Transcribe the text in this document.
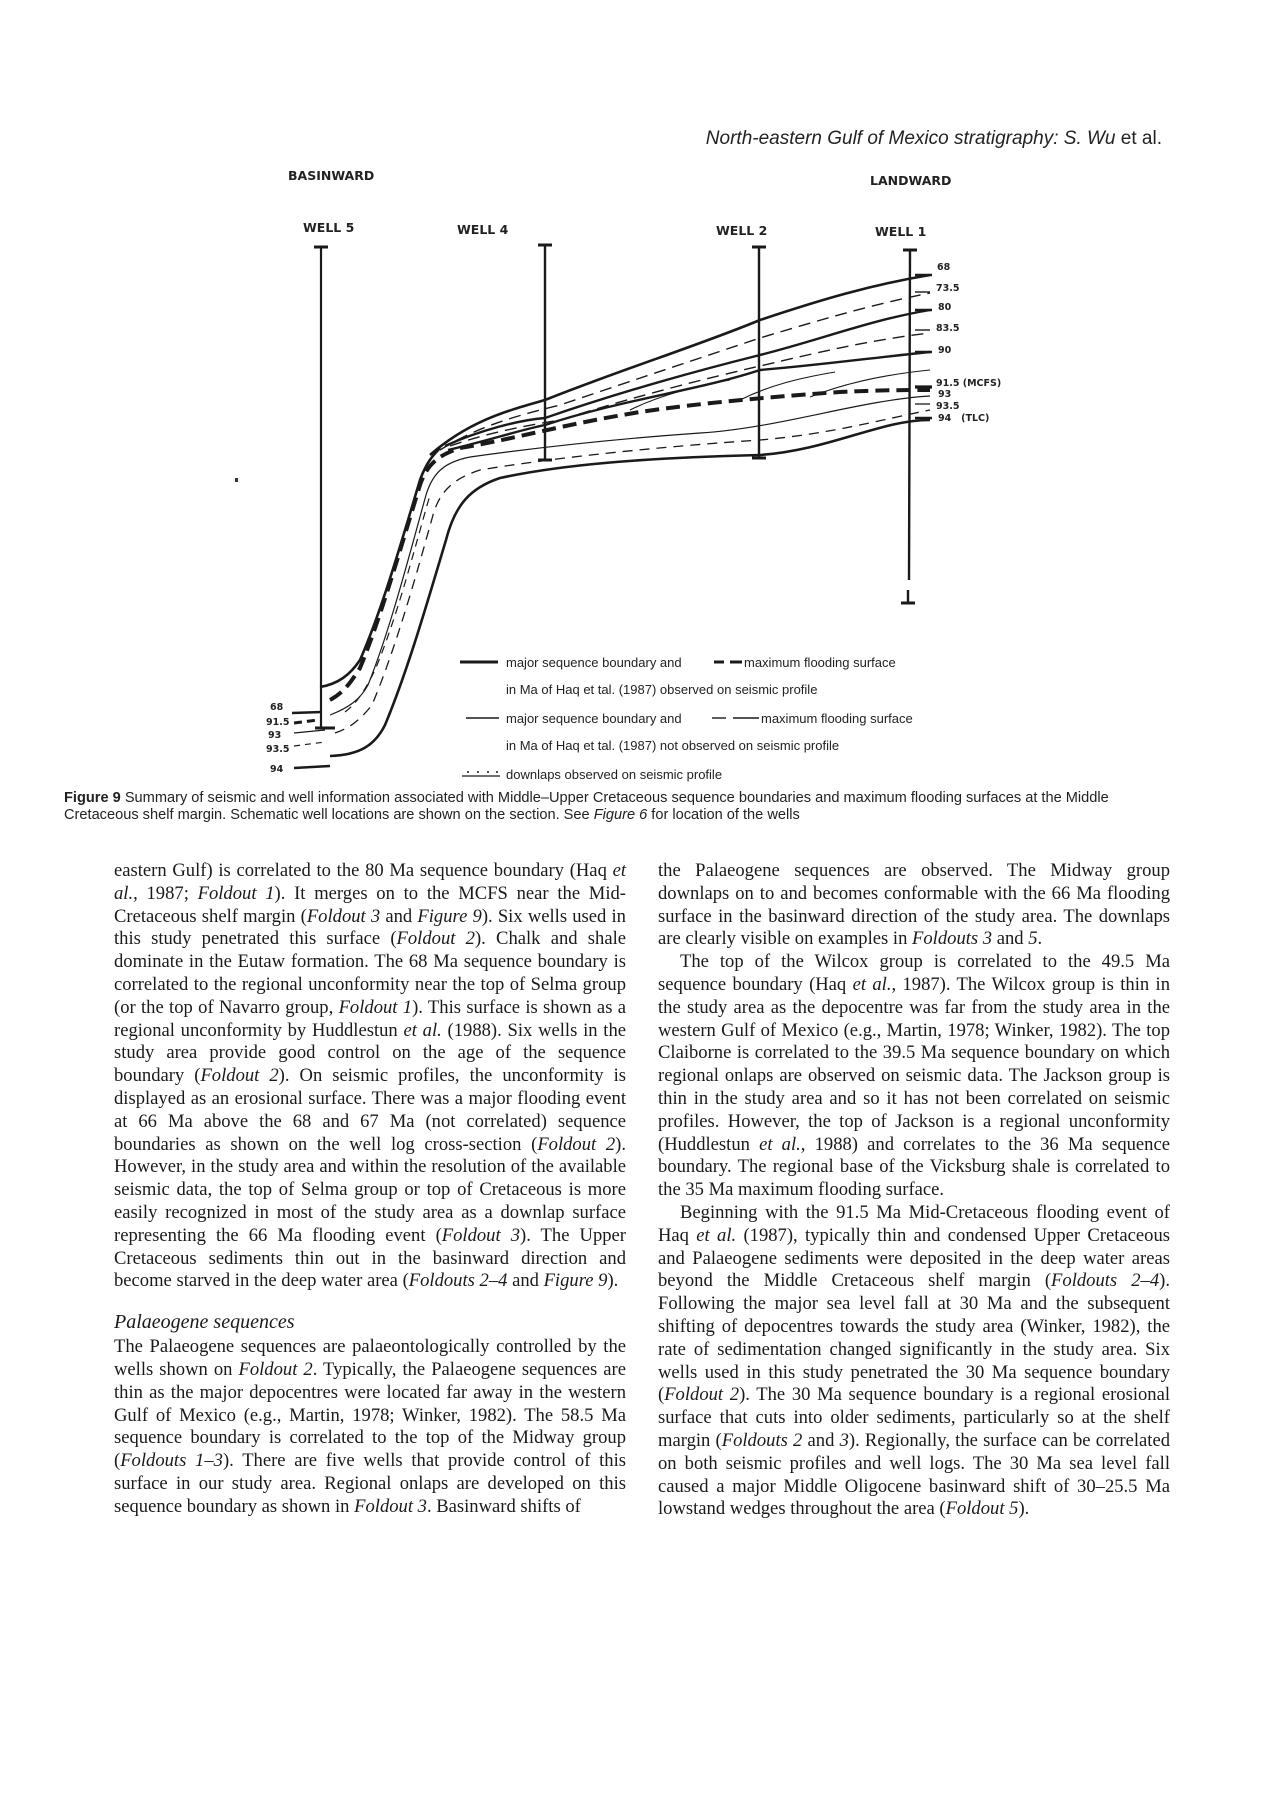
North-eastern Gulf of Mexico stratigraphy: S. Wu et al.
BASINWARD	LANDWARD
WELL 5	WELL 4	WELL 2	WELL 1
68
73.5
80
83.5
90
91.5 (MCFS)
93
93.5
94   (TLC)
68
91.5
93
93.5
94
major sequence boundary and	maximum flooding surface
in Ma of Haq et tal. (1987) observed on seismic profile
major sequence boundary and	maximum flooding surface
in Ma of Haq et tal. (1987) not observed on seismic profile
downlaps observed on seismic profile
Figure 9 Summary of seismic and well information associated with Middle–Upper Cretaceous sequence boundaries and maximum flooding surfaces at the Middle Cretaceous shelf margin. Schematic well locations are shown on the section. See Figure 6 for location of the wells

eastern Gulf) is correlated to the 80 Ma sequence boundary (Haq et al., 1987; Foldout 1). It merges on to the MCFS near the Mid-Cretaceous shelf margin (Foldout 3 and Figure 9). Six wells used in this study penetrated this surface (Foldout 2). Chalk and shale dominate in the Eutaw formation. The 68 Ma sequence boundary is correlated to the regional unconformity near the top of Selma group (or the top of Navarro group, Foldout 1). This surface is shown as a regional unconformity by Huddlestun et al. (1988). Six wells in the study area provide good control on the age of the sequence boundary (Foldout 2). On seismic profiles, the unconformity is displayed as an erosional surface. There was a major flooding event at 66 Ma above the 68 and 67 Ma (not correlated) sequence boundaries as shown on the well log cross-section (Foldout 2). However, in the study area and within the resolution of the available seismic data, the top of Selma group or top of Cretaceous is more easily recognized in most of the study area as a downlap surface representing the 66 Ma flooding event (Foldout 3). The Upper Cretaceous sediments thin out in the basinward direction and become starved in the deep water area (Foldouts 2–4 and Figure 9).

Palaeogene sequences

The Palaeogene sequences are palaeontologically controlled by the wells shown on Foldout 2. Typically, the Palaeogene sequences are thin as the major depocentres were located far away in the western Gulf of Mexico (e.g., Martin, 1978; Winker, 1982). The 58.5 Ma sequence boundary is correlated to the top of the Midway group (Foldouts 1–3). There are five wells that provide control of this surface in our study area. Regional onlaps are developed on this sequence boundary as shown in Foldout 3. Basinward shifts of

the Palaeogene sequences are observed. The Midway group downlaps on to and becomes conformable with the 66 Ma flooding surface in the basinward direction of the study area. The downlaps are clearly visible on examples in Foldouts 3 and 5.

The top of the Wilcox group is correlated to the 49.5 Ma sequence boundary (Haq et al., 1987). The Wilcox group is thin in the study area as the depocentre was far from the study area in the western Gulf of Mexico (e.g., Martin, 1978; Winker, 1982). The top Claiborne is correlated to the 39.5 Ma sequence boundary on which regional onlaps are observed on seismic data. The Jackson group is thin in the study area and so it has not been correlated on seismic profiles. However, the top of Jackson is a regional unconformity (Huddlestun et al., 1988) and correlates to the 36 Ma sequence boundary. The regional base of the Vicksburg shale is correlated to the 35 Ma maximum flooding surface.

Beginning with the 91.5 Ma Mid-Cretaceous flooding event of Haq et al. (1987), typically thin and condensed Upper Cretaceous and Palaeogene sediments were deposited in the deep water areas beyond the Middle Cretaceous shelf margin (Foldouts 2–4). Following the major sea level fall at 30 Ma and the subsequent shifting of depocentres towards the study area (Winker, 1982), the rate of sedimentation changed significantly in the study area. Six wells used in this study penetrated the 30 Ma sequence boundary (Foldout 2). The 30 Ma sequence boundary is a regional erosional surface that cuts into older sediments, particularly so at the shelf margin (Foldouts 2 and 3). Regionally, the surface can be correlated on both seismic profiles and well logs. The 30 Ma sea level fall caused a major Middle Oligocene basinward shift of 30–25.5 Ma lowstand wedges throughout the area (Foldout 5).
